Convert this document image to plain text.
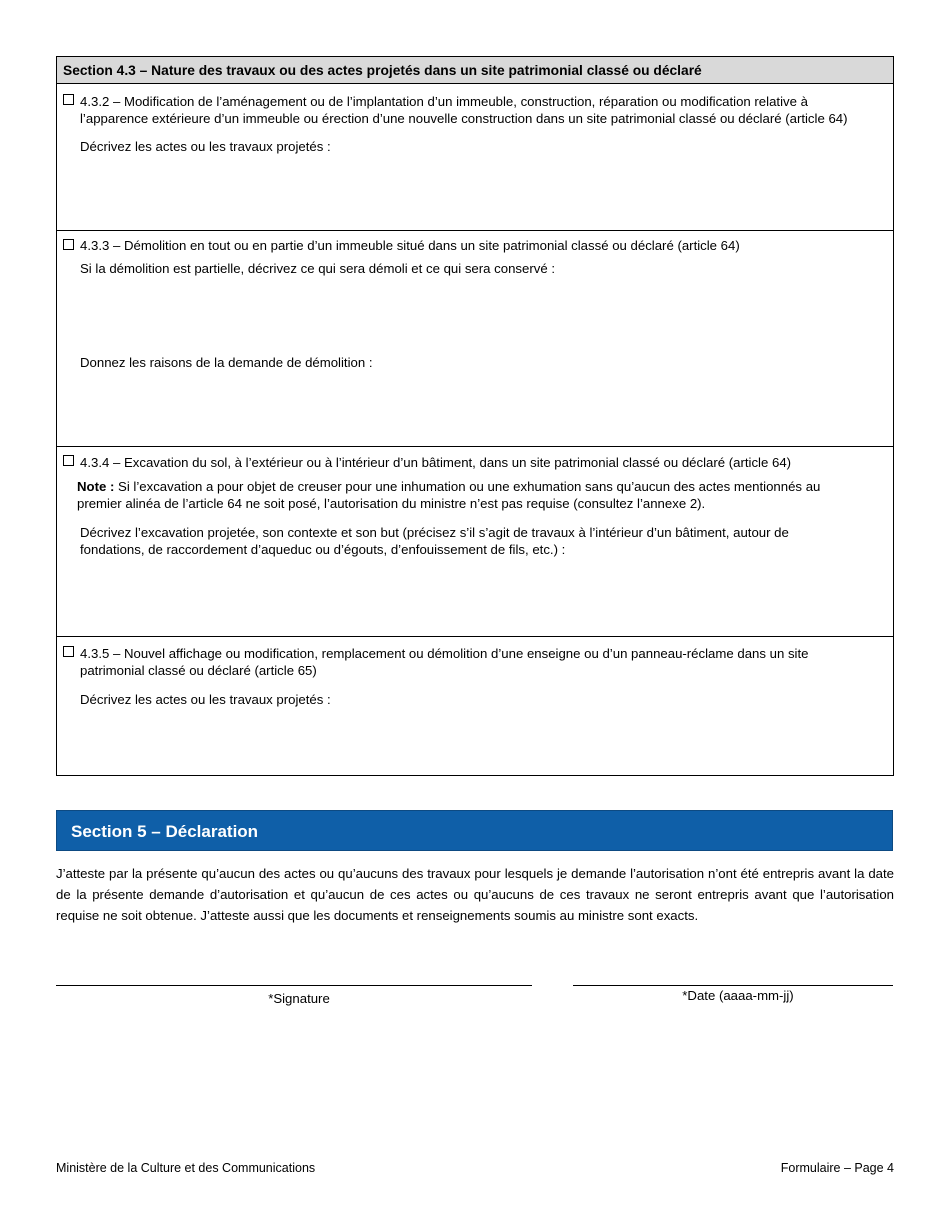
Section 4.3 – Nature des travaux ou des actes projetés dans un site patrimonial classé ou déclaré
4.3.2 – Modification de l’aménagement ou de l’implantation d’un immeuble, construction, réparation ou modification relative à
l’apparence extérieure d’un immeuble ou érection d’une nouvelle construction dans un site patrimonial classé ou déclaré (article 64)
Décrivez les actes ou les travaux projetés :
4.3.3 – Démolition en tout ou en partie d’un immeuble situé dans un site patrimonial classé ou déclaré (article 64)
Si la démolition est partielle, décrivez ce qui sera démoli et ce qui sera conservé :
Donnez les raisons de la demande de démolition :
4.3.4 – Excavation du sol, à l’extérieur ou à l’intérieur d’un bâtiment, dans un site patrimonial classé ou déclaré (article 64)
Note : Si l’excavation a pour objet de creuser pour une inhumation ou une exhumation sans qu’aucun des actes mentionnés au
premier alinéa de l’article 64 ne soit posé, l’autorisation du ministre n’est pas requise (consultez l’annexe 2).
Décrivez l’excavation projetée, son contexte et son but (précisez s’il s’agit de travaux à l’intérieur d’un bâtiment, autour de
fondations, de raccordement d’aqueduc ou d’égouts, d’enfouissement de fils, etc.) :
4.3.5 – Nouvel affichage ou modification, remplacement ou démolition d’une enseigne ou d’un panneau-réclame dans un site
patrimonial classé ou déclaré (article 65)
Décrivez les actes ou les travaux projetés :
Section 5 – Déclaration
J’atteste par la présente qu’aucun des actes ou qu’aucuns des travaux pour lesquels je demande l’autorisation n’ont été entrepris avant la date de la présente demande d’autorisation et qu’aucun de ces actes ou qu’aucuns de ces travaux ne seront entrepris avant que l’autorisation requise ne soit obtenue. J’atteste aussi que les documents et renseignements soumis au ministre sont exacts.
*Signature	*Date (aaaa-mm-jj)
Ministère de la Culture et des Communications	Formulaire – Page 4
